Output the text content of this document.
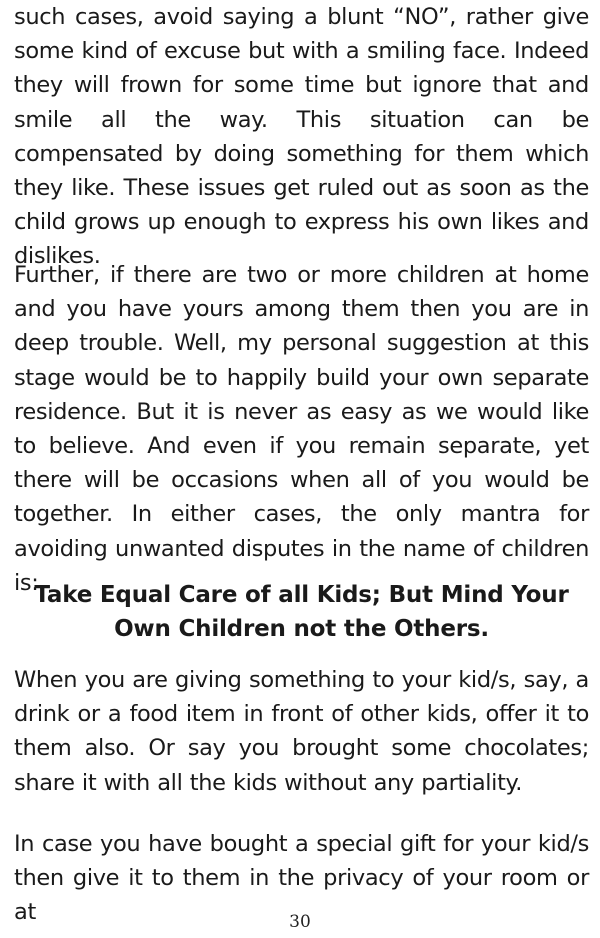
such cases, avoid saying a blunt “NO”, rather give some kind of excuse but with a smiling face. Indeed they will frown for some time but ignore that and smile all the way. This situation can be compensated by doing something for them which they like. These issues get ruled out as soon as the child grows up enough to express his own likes and dislikes.

Further, if there are two or more children at home and you have yours among them then you are in deep trouble. Well, my personal suggestion at this stage would be to happily build your own separate residence. But it is never as easy as we would like to believe. And even if you remain separate, yet there will be occasions when all of you would be together. In either cases, the only mantra for avoiding unwanted disputes in the name of children is:

Take Equal Care of all Kids; But Mind Your
Own Children not the Others.

When you are giving something to your kid/s, say, a drink or a food item in front of other kids, offer it to them also. Or say you brought some chocolates; share it with all the kids without any partiality.

In case you have bought a special gift for your kid/s then give it to them in the privacy of your room or at	30
